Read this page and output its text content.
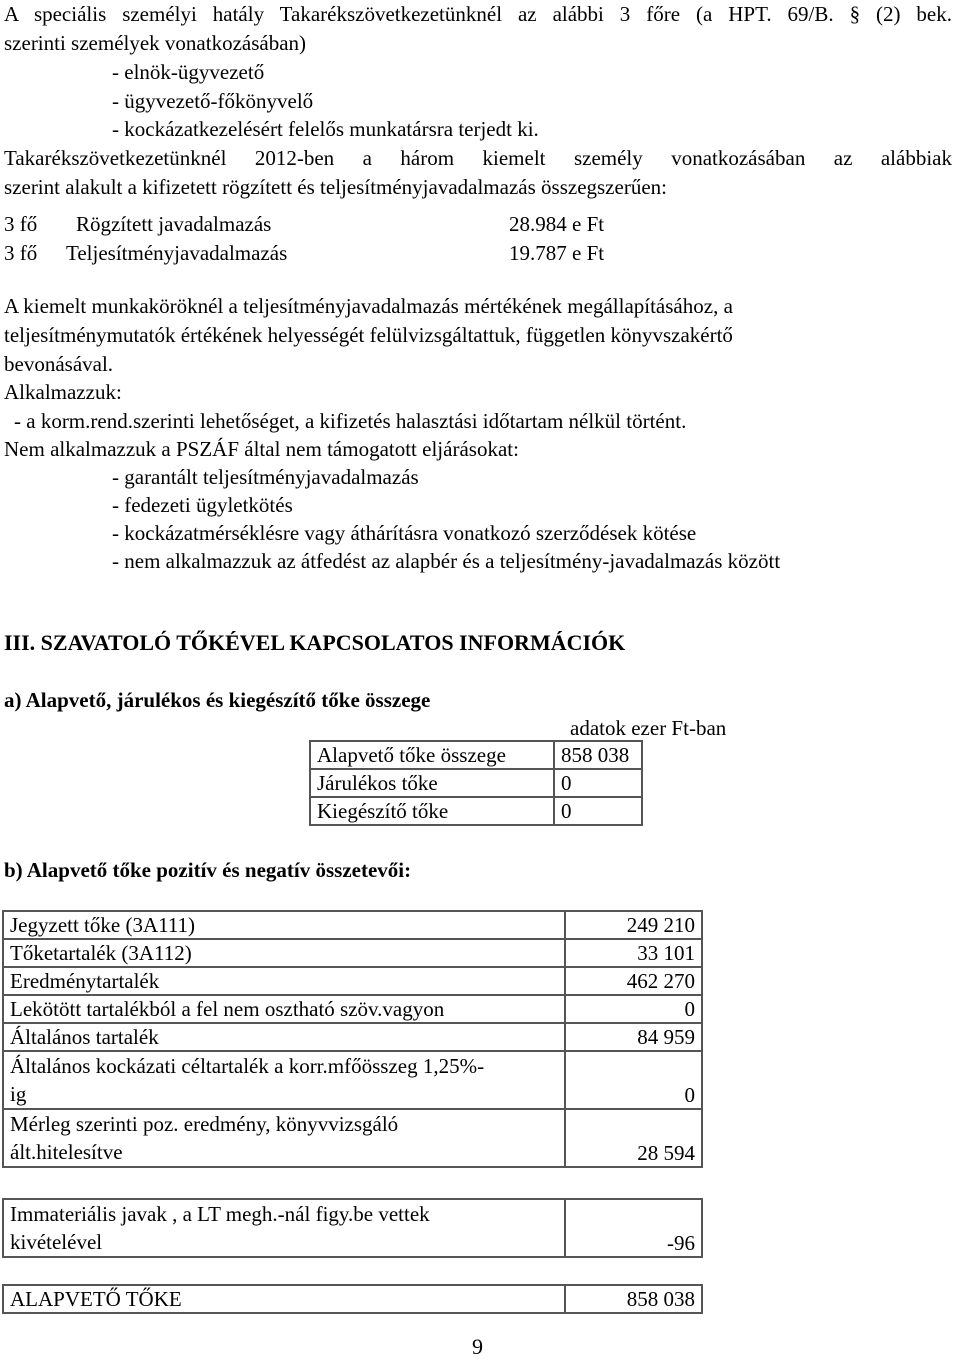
A speciális személyi hatály Takarékszövetkezetünknél az alábbi 3 főre (a HPT. 69/B. § (2) bek.

szerinti személyek vonatkozásában)

- elnök-ügyvezető

- ügyvezető-főkönyvelő

- kockázatkezelésért felelős munkatársra terjedt ki.

Takarékszövetkezetünknél 2012-ben a három kiemelt személy vonatkozásában az alábbiak

szerint alakult a kifizetett rögzített és teljesítményjavadalmazás összegszerűen:

3 fő Rögzített javadalmazás	28.984 e Ft

3 fő Teljesítményjavadalmazás	19.787 e Ft

A kiemelt munkaköröknél a teljesítményjavadalmazás mértékének megállapításához, a

teljesítménymutatók értékének helyességét felülvizsgáltattuk, független könyvszakértő

bevonásával.

Alkalmazzuk:

- a korm.rend.szerinti lehetőséget, a kifizetés halasztási időtartam nélkül történt.

Nem alkalmazzuk a PSZÁF által nem támogatott eljárásokat:

- garantált teljesítményjavadalmazás

- fedezeti ügyletkötés

- kockázatmérséklésre vagy áthárításra vonatkozó szerződések kötése

- nem alkalmazzuk az átfedést az alapbér és a teljesítmény-javadalmazás között

III. SZAVATOLÓ TŐKÉVEL KAPCSOLATOS INFORMÁCIÓK

a) Alapvető, járulékos és kiegészítő tőke összege

adatok ezer Ft-ban

Alapvető tőke összege	858 038
Járulékos tőke	0
Kiegészítő tőke	0

b) Alapvető tőke pozitív és negatív összetevői:

Jegyzett tőke (3A111)	249 210
Tőketartalék (3A112)	33 101
Eredménytartalék	462 270
Lekötött tartalékból a fel nem osztható szöv.vagyon	0
Általános tartalék	84 959

Általános kockázati céltartalék a korr.mfőösszeg 1,25%-
ig	0

Mérleg szerinti poz. eredmény, könyvvizsgáló
ált.hitelesítve	28 594
Immateriális javak , a LT megh.-nál figy.be vettek
kivételével	-96
ALAPVETŐ TŐKE	858 038

9
